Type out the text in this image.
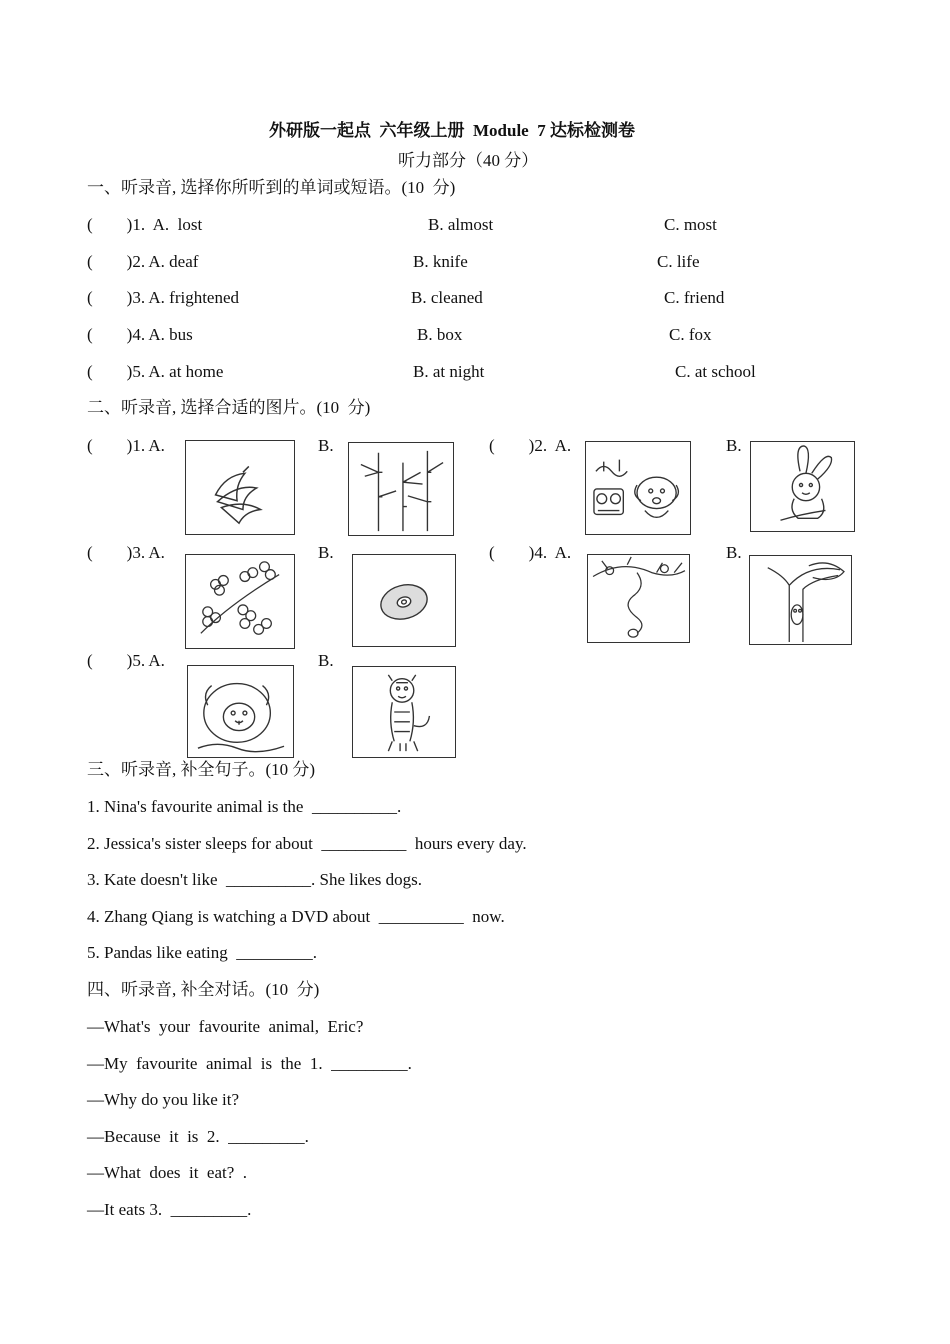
外研版一起点  六年级上册  Module  7 达标检测卷
听力部分（40 分）
一、听录音, 选择你所听到的单词或短语。(10  分)
(        )1.  A.  lost	B. almost	C. most
(        )2. A. deaf	B. knife	C. life
(        )3. A. frightened	B. cleaned	C. friend
(        )4. A. bus	B. box	C. fox
(        )5. A. at home	B. at night	C. at school
二、听录音, 选择合适的图片。(10  分)
(        )1. A.	B.	(        )2.  A.	B.
(        )3. A.	B.	(        )4.  A.	B.
(        )5. A.	B.
三、听录音, 补全句子。(10 分)
1. Nina's favourite animal is the  __________.
2. Jessica's sister sleeps for about  __________  hours every day.
3. Kate doesn't like  __________. She likes dogs.
4. Zhang Qiang is watching a DVD about  __________  now.
5. Pandas like eating  _________.
四、听录音, 补全对话。(10  分)
—What's  your  favourite  animal,  Eric?
—My  favourite  animal  is  the  1.  _________.
—Why do you like it?
—Because  it  is  2.  _________.
—What  does  it  eat?  .
—It eats 3.  _________.
